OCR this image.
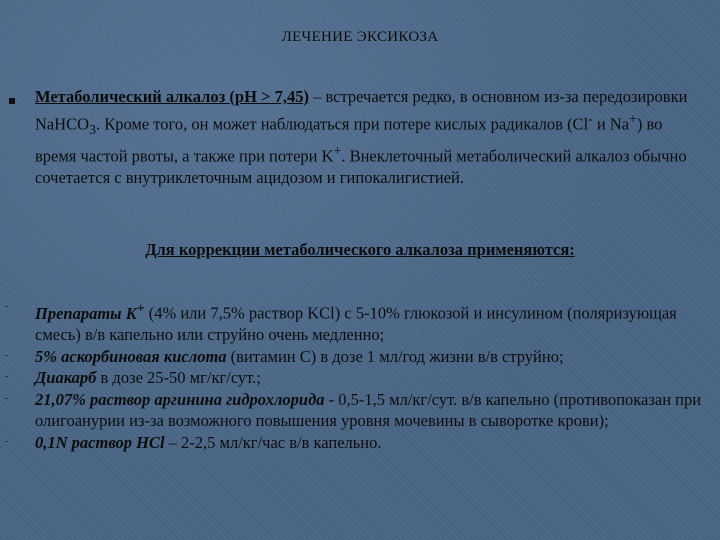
ЛЕЧЕНИЕ ЭКСИКОЗА
Метаболический алкалоз (рН > 7,45) – встречается редко, в основном из-за передозировки NaHCO$_3$. Кроме того, он может наблюдаться при потере кислых радикалов (Cl- и Na+) во время частой рвоты, а также при потери K+. Внеклеточный метаболический алкалоз обычно сочетается с внутриклеточным ацидозом и гипокалигистией.
Для коррекции метаболического алкалоза применяются:
Препараты K+ (4% или 7,5% раствор KCl) с 5-10% глюкозой и инсулином (поляризующая смесь) в/в капельно или струйно очень медленно;
5% аскорбиновая кислота (витамин С) в дозе 1 мл/год жизни в/в струйно;
Диакарб в дозе 25-50 мг/кг/сут.;
21,07% раствор аргинина гидрохлорида - 0,5-1,5 мл/кг/сут. в/в капельно (противопоказан при олигоанурии из-за возможного повышения уровня мочевины в сыворотке крови);
0,1N раствор HCl – 2-2,5 мл/кг/час в/в капельно.
